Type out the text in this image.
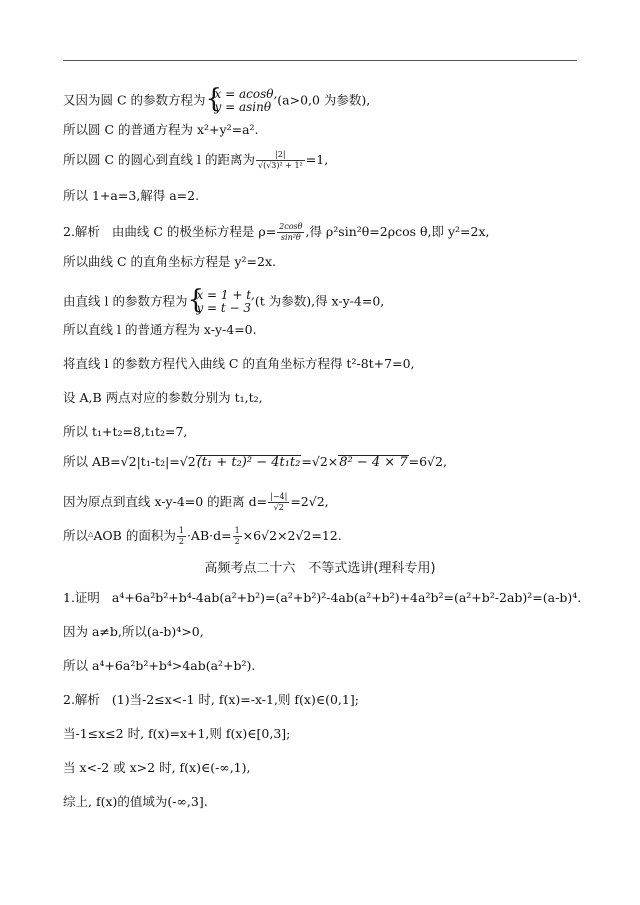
又因为圆 C 的参数方程为 { x = acosθ,
y = asinθ (a>0,0 为参数),
所以圆 C 的普通方程为 x²+y²=a².
所以圆 C 的圆心到直线 l 的距离为 $\frac{|2|}{\text{√(√3)² + 1²}} =1$,
所以 1+a=3,解得 a=2.
2.解析 由曲线 C 的极坐标方程是 $\rho= \frac{2\cos\theta}{\text{sin²θ}}$ ,得 ρ²sin²θ=2ρcos θ,即 y²=2x,
所以曲线 C 的直角坐标方程是 y²=2x.
由直线 l 的参数方程为 { x = 1 + t,
y = t − 3 (t 为参数),得 x-y-4=0,
所以直线 l 的普通方程为 x-y-4=0.
将直线 l 的参数方程代入曲线 C 的直角坐标方程得 t²-8t+7=0,
设 A,B 两点对应的参数分别为 t₁,t₂,
所以 t₁+t₂=8,t₁t₂=7,
所以 AB=√2|t₁-t₂|=√2(t₁ + t₂)² − 4t₁t₂=√2×8² − 4 × 7=6√2,
因为原点到直线 x-y-4=0 的距离 $d= \frac{|-4|}{√2} =2√2$,
所以△AOB 的面积为 $\frac{1}{2} \cdot AB\cdot d= \frac{1}{2} \times 6√2\times 2√2=12$.
高频考点二十六　不等式选讲(理科专用)
1.证明 a⁴+6a²b²+b⁴-4ab(a²+b²)=(a²+b²)²-4ab(a²+b²)+4a²b²=(a²+b²-2ab)²=(a-b)⁴.
因为 a≠b,所以(a-b)⁴>0,
所以 a⁴+6a²b²+b⁴>4ab(a²+b²).
2.解析 (1)当-2≤x<-1 时, f(x)=-x-1,则 f(x)∈(0,1];
当-1≤x≤2 时, f(x)=x+1,则 f(x)∈[0,3];
当 x<-2 或 x>2 时, f(x)∈(-∞,1),
综上, f(x)的值域为(-∞,3].
